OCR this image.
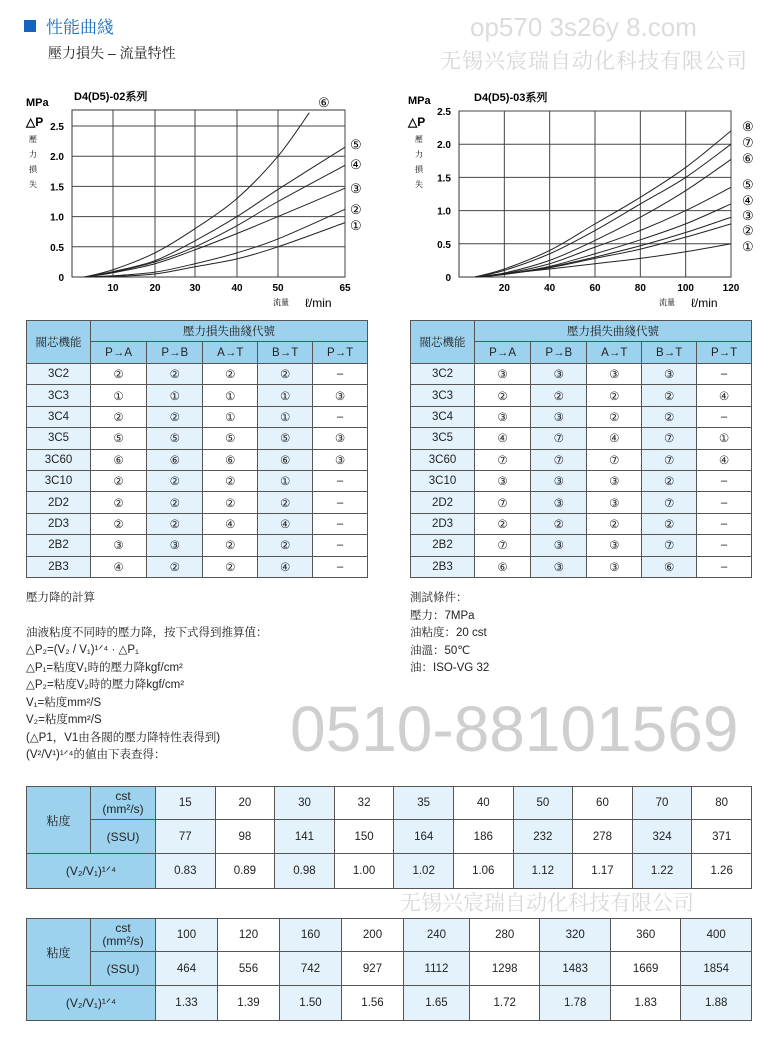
性能曲綫
壓力損失 – 流量特性
op570 3s26y 8.com
无锡兴宸瑞自动化科技有限公司
0510-88101569
无锡兴宸瑞自动化科技有限公司
D4(D5)-02系列
MPa
△P
壓
力
損
失
0
0.5
1.0
1.5
2.0
2.5
10	20	30	40	50	65
流量 ℓ/min
①
②
③
④
⑤
⑥	D4(D5)-03系列
MPa
△P
壓
力
損
失
0
0.5
1.0
1.5
2.0
2.5
20	40	60	80	100	120
流量 ℓ/min
①
②
③
④
⑤
⑥
⑦
⑧
閥芯機能	壓力損失曲綫代號				
	P→A	P→B	A→T	B→T	P→T
3C2	②	②	②	②	–
3C3	①	①	①	①	③
3C4	②	②	①	①	–
3C5	⑤	⑤	⑤	⑤	③
3C60	⑥	⑥	⑥	⑥	③
3C10	②	②	②	①	–
2D2	②	②	②	②	–
2D3	②	②	④	④	–
2B2	③	③	②	②	–
2B3	④	②	②	④	–
閥芯機能	壓力損失曲綫代號				
	P→A	P→B	A→T	B→T	P→T
3C2	③	③	③	③	–
3C3	②	②	②	②	④
3C4	③	③	②	②	–
3C5	④	⑦	④	⑦	①
3C60	⑦	⑦	⑦	⑦	④
3C10	③	③	③	②	–
2D2	⑦	③	③	⑦	–
2D3	②	②	②	②	–
2B2	⑦	③	③	⑦	–
2B3	⑥	③	③	⑥	–
壓力降的計算
油液粘度不同時的壓力降，按下式得到推算值：
△P₂=(V₂ / V₁)¹ᐟ⁴ · △P₁
△P₁=粘度V₁時的壓力降kgf/cm²
△P₂=粘度V₂時的壓力降kgf/cm²
V₁=粘度mm²/S
V₂=粘度mm²/S
(△P1，V1由各閥的壓力降特性表得到)
(V²/V¹)¹ᐟ⁴的値由下表查得：
測試條件：
壓力：7MPa
油粘度：20 cst
油溫：50℃
油：ISO-VG 32
粘度	cst
(mm²/s)	15	20	30	32	35	40	50	60	70	80
	(SSU)	77	98	141	150	164	186	232	278	324	371
(V₂/V₁)¹ᐟ⁴		0.83	0.89	0.98	1.00	1.02	1.06	1.12	1.17	1.22	1.26
粘度	cst
(mm²/s)	100	120	160	200	240	280	320	360	400
	(SSU)	464	556	742	927	1112	1298	1483	1669	1854
(V₂/V₁)¹ᐟ⁴		1.33	1.39	1.50	1.56	1.65	1.72	1.78	1.83	1.88
